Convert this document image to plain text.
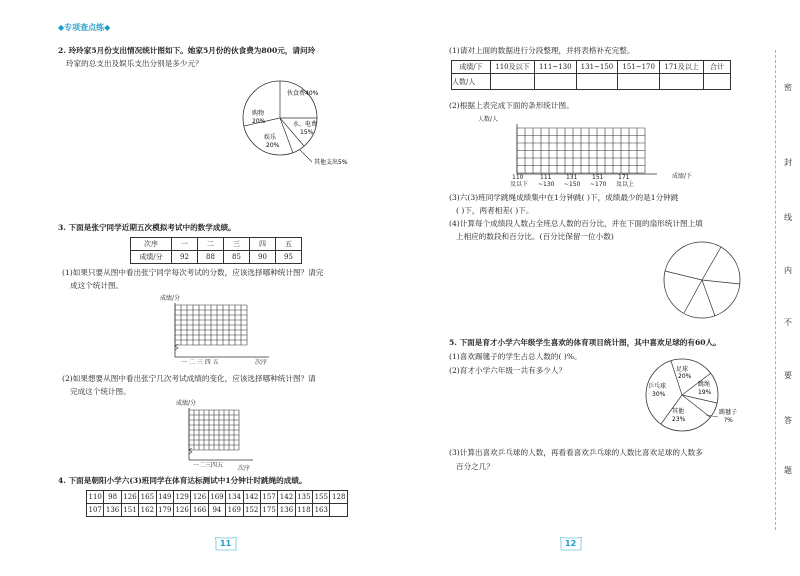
◆专项查点练◆
2. 玲玲家5月份支出情况统计图如下。她家5月份的伙食费为800元，请问玲
玲家的总支出及娱乐支出分别是多少元？
伙食费40%
购物
20%
娱乐
20%
水、电费
15%
其他支出5%
3. 下面是张宁同学近期五次模拟考试中的数学成绩。
次序	一	二	三	四	五
成绩/分	92	88	85	90	95
(1)如果只要从图中看出张宁同学每次考试的分数，应该选择哪种统计图？请完
成这个统计图。
成绩/分
一 二 三 四 五	次序
(2)如果想要从图中看出张宁几次考试成绩的变化，应该选择哪种统计图？请
完成这个统计图。
成绩/分
一二三四五 次序
4. 下面是朝阳小学六(3)班同学在体育达标测试中1分钟计时跳绳的成绩。
110	98	126	165	149	129	126	169	134	142	157	142	135	155	128
107	136	151	162	179	126	166	94	169	152	175	136	118	163	
11
(1)请对上面的数据进行分段整理，并将表格补充完整。
成绩/下	110及以下	111~130	131~150	151~170	171及以上	合计
人数/人						
(2)根据上表完成下面的条形统计图。
人数/人
110
及以下
111
~130
131
~150
151
~170
171
及以上
成绩/下
(3)六(3)班同学跳绳成绩集中在1分钟跳( )下，成绩最少的是1分钟跳
( )下，两者相差( )下。
(4)计算每个成绩段人数占全班总人数的百分比，并在下面的扇形统计图上填
上相应的数段和百分比。(百分比保留一位小数)
5. 下面是育才小学六年级学生喜欢的体育项目统计图，其中喜欢足球的有60人。
(1)喜欢踢毽子的学生占总人数的( )%。
(2)育才小学六年级一共有多少人？	足球
20%
乒乓球
30%
跳绳
19%
其他
23%
踢毽子
?%
(3)计算出喜欢乒乓球的人数，再看看喜欢乒乓球的人数比喜欢足球的人数多
百分之几？
12
密
封
线
内
不
要
答
题
